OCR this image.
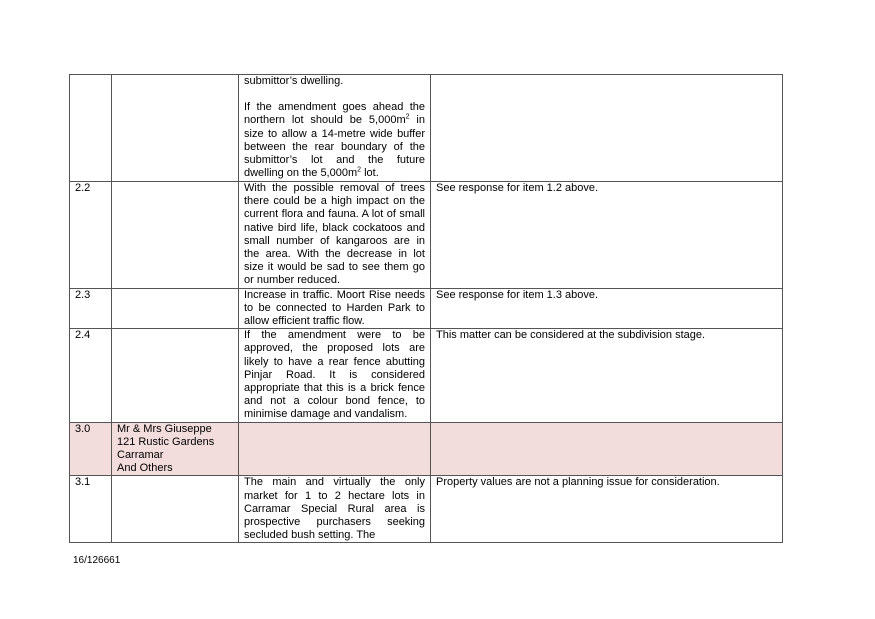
		submittor’s dwelling.
If the amendment goes ahead the northern lot should be $5,000m^2$ in size to allow a 14-metre wide buffer between the rear boundary of the submittor’s lot and the future dwelling on the $5,000m^2$ lot.	

2.2		With the possible removal of trees there could be a high impact on the current flora and fauna. A lot of small native bird life, black cockatoos and small number of kangaroos are in the area. With the decrease in lot size it would be sad to see them go or number reduced.	See response for item 1.2 above.
2.3		Increase in traffic. Moort Rise needs to be connected to Harden Park to allow efficient traffic flow.	See response for item 1.3 above.
2.4		If the amendment were to be approved, the proposed lots are likely to have a rear fence abutting Pinjar Road. It is considered appropriate that this is a brick fence and not a colour bond fence, to minimise damage and vandalism.	This matter can be considered at the subdivision stage.
3.0	Mr & Mrs Giuseppe
121 Rustic Gardens
Carramar
And Others		

3.1		The main and virtually the only market for 1 to 2 hectare lots in Carramar Special Rural area is prospective purchasers seeking secluded bush setting. The	Property values are not a planning issue for consideration.
16/126661
